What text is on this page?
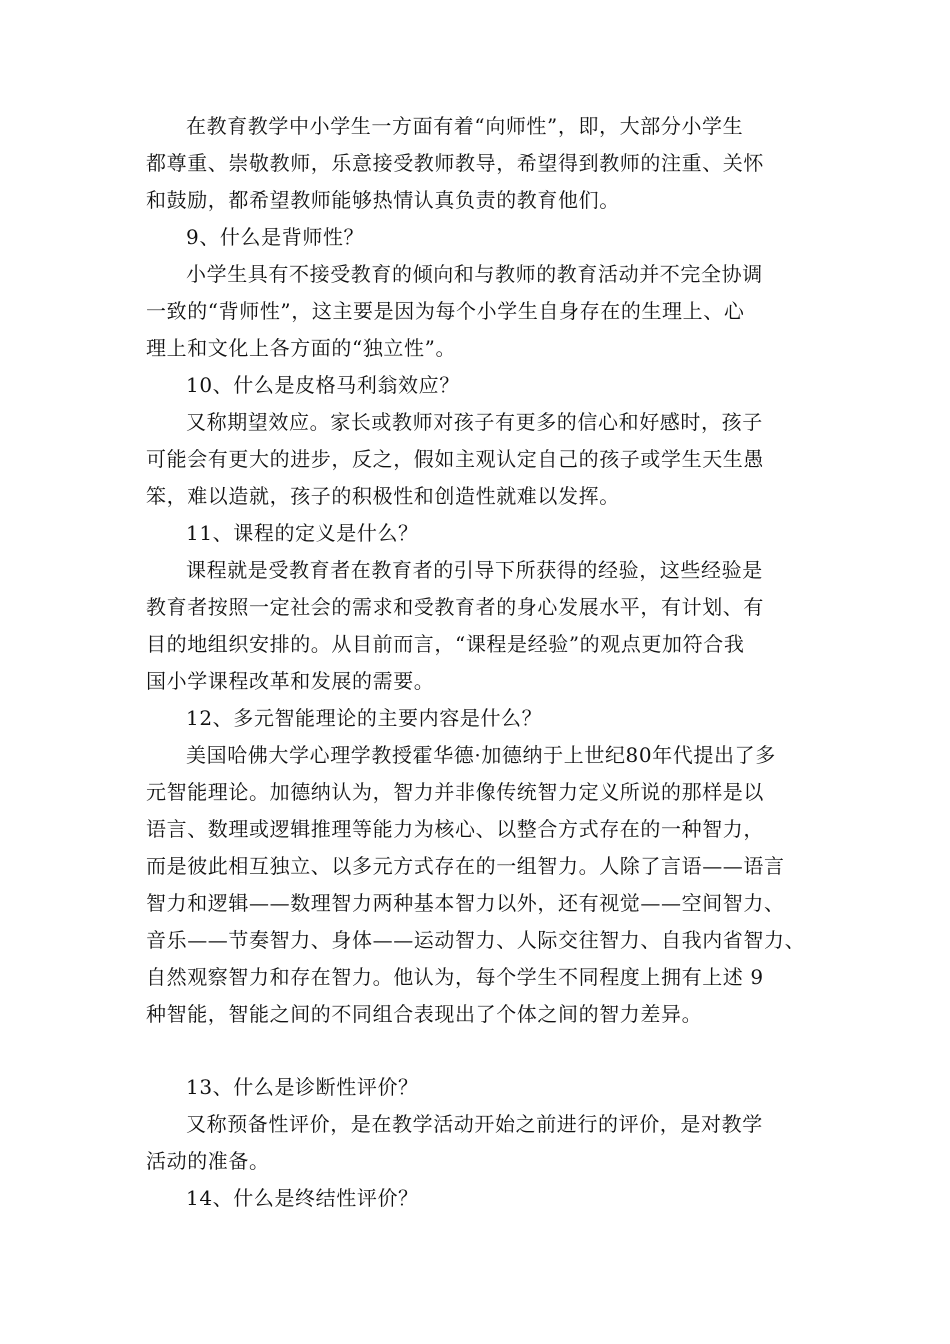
在教育教学中小学生一方面有着“向师性”，即，大部分小学生
都尊重、崇敬教师，乐意接受教师教导，希望得到教师的注重、关怀
和鼓励，都希望教师能够热情认真负责的教育他们。
9、什么是背师性？
小学生具有不接受教育的倾向和与教师的教育活动并不完全协调
一致的“背师性”，这主要是因为每个小学生自身存在的生理上、心
理上和文化上各方面的“独立性”。
10、什么是皮格马利翁效应？
又称期望效应。家长或教师对孩子有更多的信心和好感时，孩子
可能会有更大的进步，反之，假如主观认定自己的孩子或学生天生愚
笨，难以造就，孩子的积极性和创造性就难以发挥。
11、课程的定义是什么？
课程就是受教育者在教育者的引导下所获得的经验，这些经验是
教育者按照一定社会的需求和受教育者的身心发展水平，有计划、有
目的地组织安排的。从目前而言，“课程是经验”的观点更加符合我
国小学课程改革和发展的需要。
12、多元智能理论的主要内容是什么？
美国哈佛大学心理学教授霍华德·加德纳于上世纪80年代提出了多
元智能理论。加德纳认为，智力并非像传统智力定义所说的那样是以
语言、数理或逻辑推理等能力为核心、以整合方式存在的一种智力，
而是彼此相互独立、以多元方式存在的一组智力。人除了言语——语言
智力和逻辑——数理智力两种基本智力以外，还有视觉——空间智力、
音乐——节奏智力、身体——运动智力、人际交往智力、自我内省智力、
自然观察智力和存在智力。他认为，每个学生不同程度上拥有上述 9
种智能，智能之间的不同组合表现出了个体之间的智力差异。
13、什么是诊断性评价？
又称预备性评价，是在教学活动开始之前进行的评价，是对教学
活动的准备。
14、什么是终结性评价？
